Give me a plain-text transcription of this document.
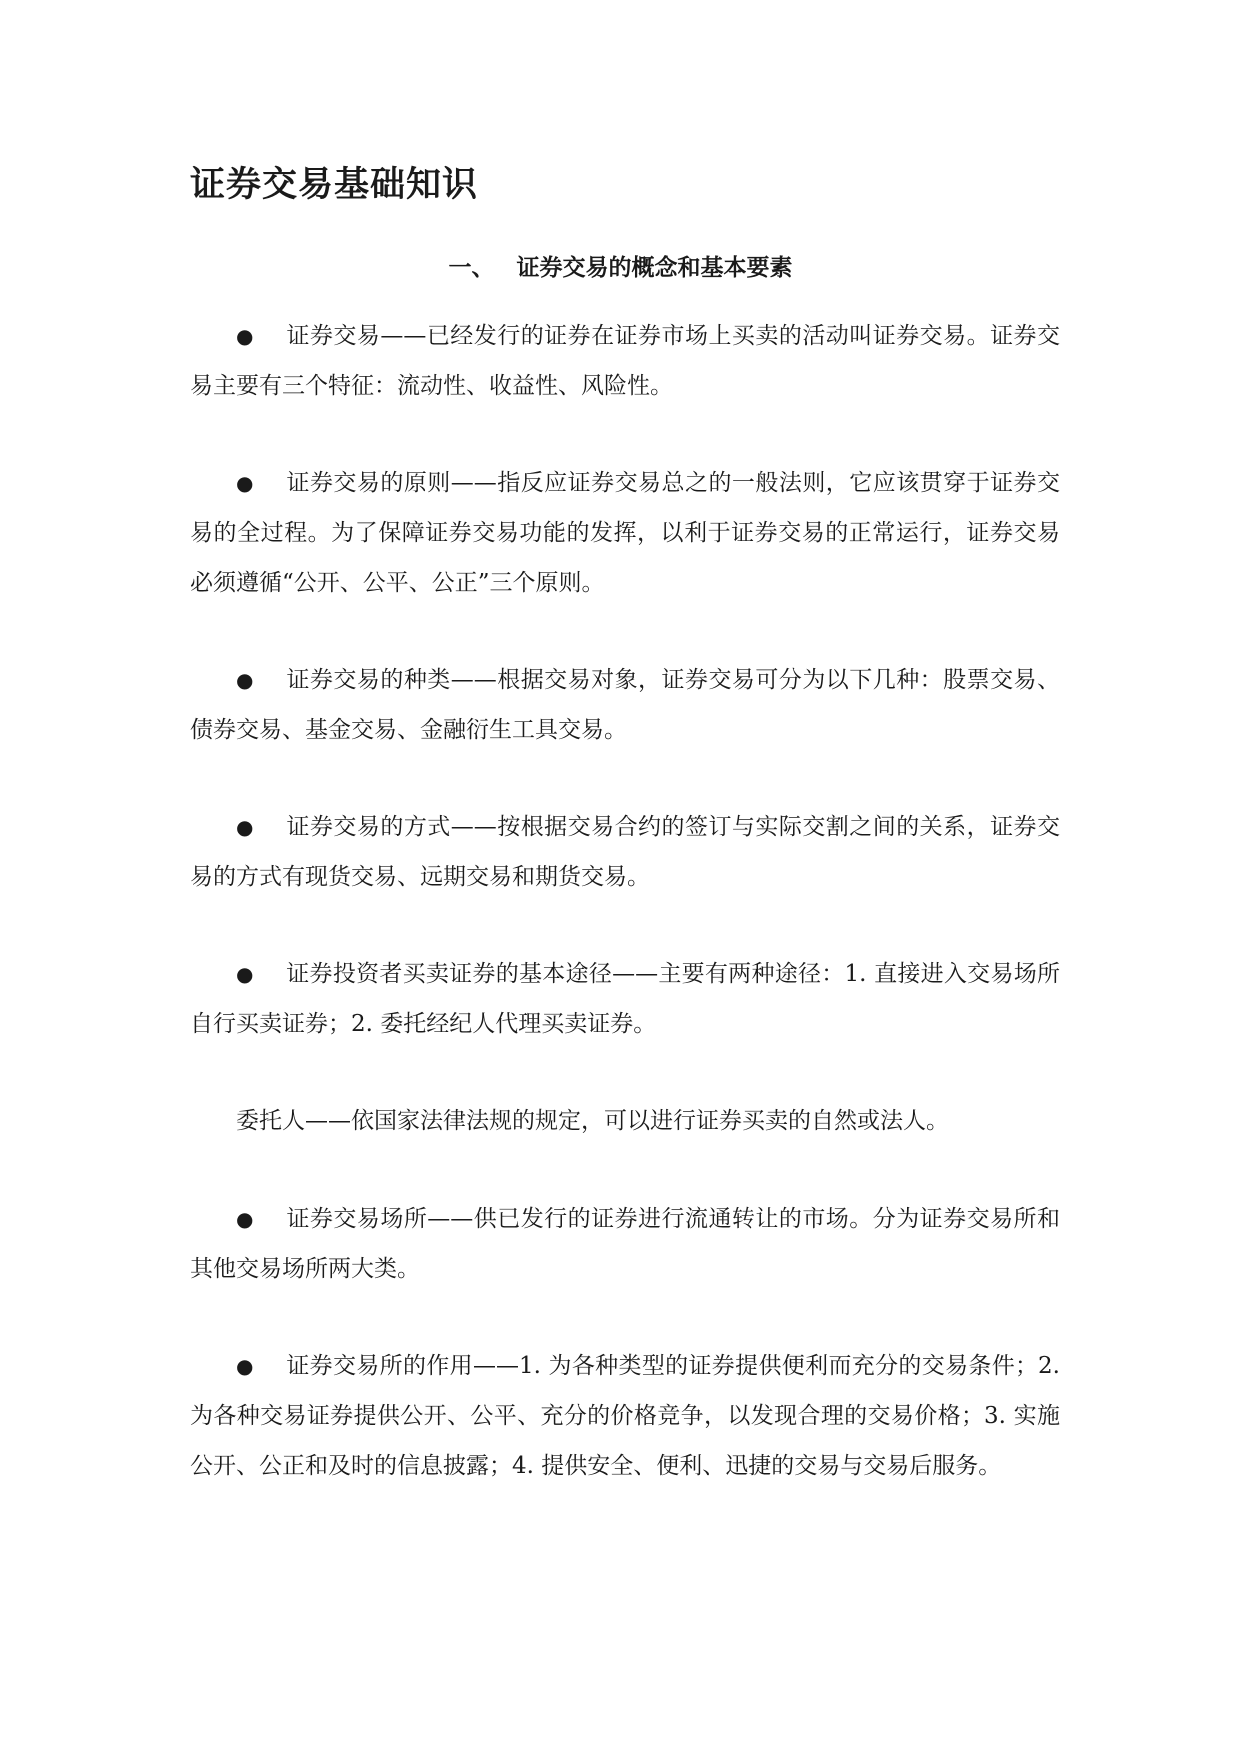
证券交易基础知识
一、 证券交易的概念和基本要素

● 证券交易——已经发行的证券在证券市场上买卖的活动叫证券交易。证券交易主要有三个特征：流动性、收益性、风险性。

● 证券交易的原则——指反应证券交易总之的一般法则，它应该贯穿于证券交易的全过程。为了保障证券交易功能的发挥，以利于证券交易的正常运行，证券交易必须遵循“公开、公平、公正”三个原则。

● 证券交易的种类——根据交易对象，证券交易可分为以下几种：股票交易、债券交易、基金交易、金融衍生工具交易。

● 证券交易的方式——按根据交易合约的签订与实际交割之间的关系，证券交易的方式有现货交易、远期交易和期货交易。

● 证券投资者买卖证券的基本途径——主要有两种途径：1. 直接进入交易场所自行买卖证券；2. 委托经纪人代理买卖证券。

委托人——依国家法律法规的规定，可以进行证券买卖的自然或法人。

● 证券交易场所——供已发行的证券进行流通转让的市场。分为证券交易所和其他交易场所两大类。

● 证券交易所的作用——1. 为各种类型的证券提供便利而充分的交易条件；2. 为各种交易证券提供公开、公平、充分的价格竞争，以发现合理的交易价格；3. 实施公开、公正和及时的信息披露；4. 提供安全、便利、迅捷的交易与交易后服务。
